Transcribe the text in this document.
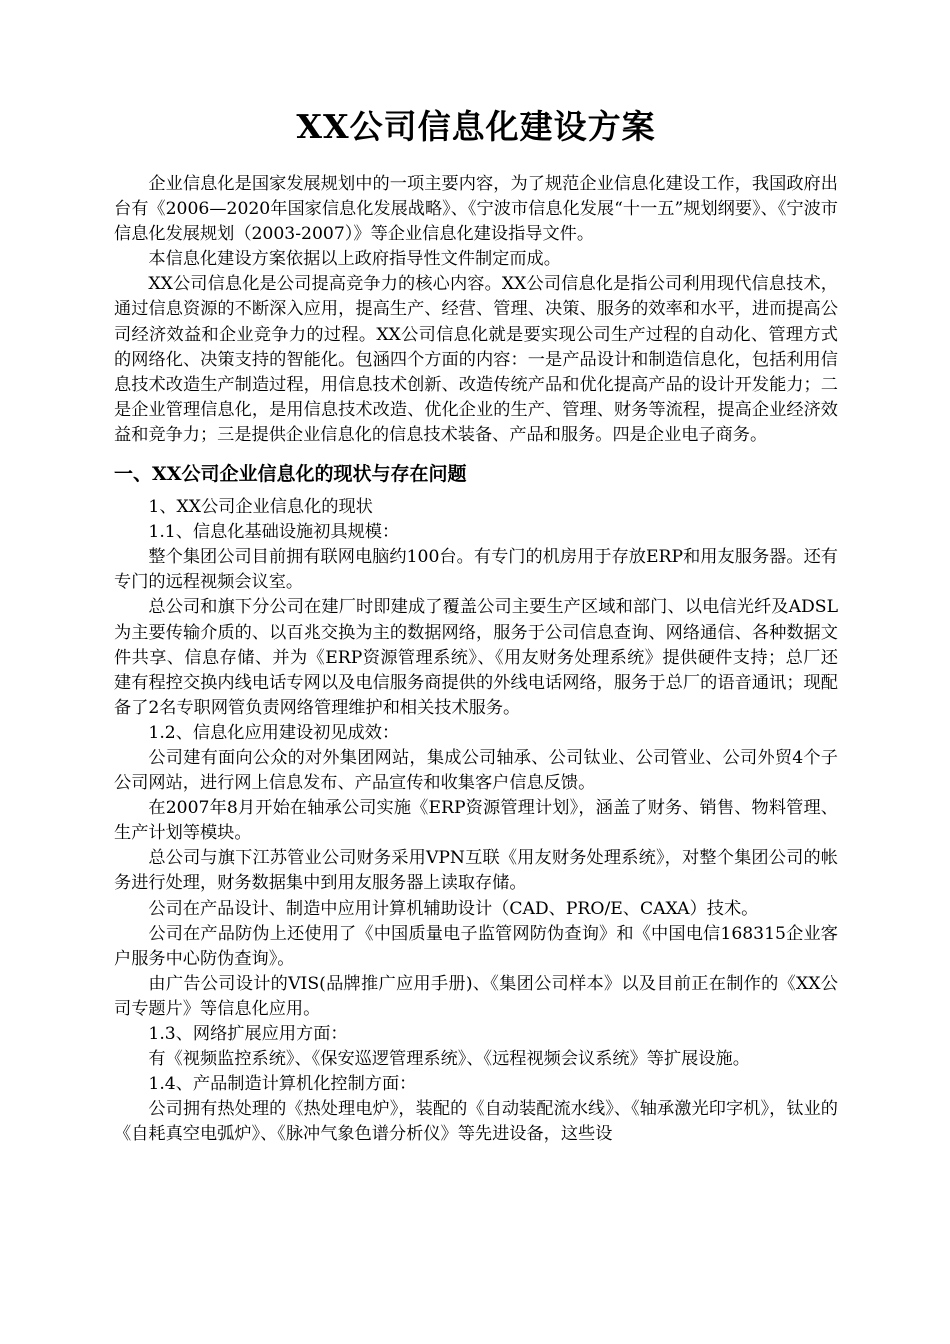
XX公司信息化建设方案

企业信息化是国家发展规划中的一项主要内容，为了规范企业信息化建设工作，我国政府出台有《2006—2020年国家信息化发展战略》、《宁波市信息化发展“十一五”规划纲要》、《宁波市信息化发展规划（2003-2007）》等企业信息化建设指导文件。

本信息化建设方案依据以上政府指导性文件制定而成。

XX公司信息化是公司提高竞争力的核心内容。XX公司信息化是指公司利用现代信息技术，通过信息资源的不断深入应用，提高生产、经营、管理、决策、服务的效率和水平，进而提高公司经济效益和企业竞争力的过程。XX公司信息化就是要实现公司生产过程的自动化、管理方式的网络化、决策支持的智能化。包涵四个方面的内容：一是产品设计和制造信息化，包括利用信息技术改造生产制造过程，用信息技术创新、改造传统产品和优化提高产品的设计开发能力；二是企业管理信息化，是用信息技术改造、优化企业的生产、管理、财务等流程，提高企业经济效益和竞争力；三是提供企业信息化的信息技术装备、产品和服务。四是企业电子商务。

一、XX公司企业信息化的现状与存在问题

1、XX公司企业信息化的现状

1.1、信息化基础设施初具规模：

整个集团公司目前拥有联网电脑约100台。有专门的机房用于存放ERP和用友服务器。还有专门的远程视频会议室。

总公司和旗下分公司在建厂时即建成了覆盖公司主要生产区域和部门、以电信光纤及ADSL为主要传输介质的、以百兆交换为主的数据网络，服务于公司信息查询、网络通信、各种数据文件共享、信息存储、并为《ERP资源管理系统》、《用友财务处理系统》提供硬件支持；总厂还建有程控交换内线电话专网以及电信服务商提供的外线电话网络，服务于总厂的语音通讯；现配备了2名专职网管负责网络管理维护和相关技术服务。

1.2、信息化应用建设初见成效：

公司建有面向公众的对外集团网站，集成公司轴承、公司钛业、公司管业、公司外贸4个子公司网站，进行网上信息发布、产品宣传和收集客户信息反馈。

在2007年8月开始在轴承公司实施《ERP资源管理计划》，涵盖了财务、销售、物料管理、生产计划等模块。

总公司与旗下江苏管业公司财务采用VPN互联《用友财务处理系统》，对整个集团公司的帐务进行处理，财务数据集中到用友服务器上读取存储。

公司在产品设计、制造中应用计算机辅助设计（CAD、PRO/E、CAXA）技术。

公司在产品防伪上还使用了《中国质量电子监管网防伪查询》和《中国电信168315企业客户服务中心防伪查询》。

由广告公司设计的VIS(品牌推广应用手册)、《集团公司样本》以及目前正在制作的《XX公司专题片》等信息化应用。

1.3、网络扩展应用方面：

有《视频监控系统》、《保安巡逻管理系统》、《远程视频会议系统》等扩展设施。

1.4、产品制造计算机化控制方面：

公司拥有热处理的《热处理电炉》，装配的《自动装配流水线》、《轴承激光印字机》，钛业的《自耗真空电弧炉》、《脉冲气象色谱分析仪》等先进设备，这些设
